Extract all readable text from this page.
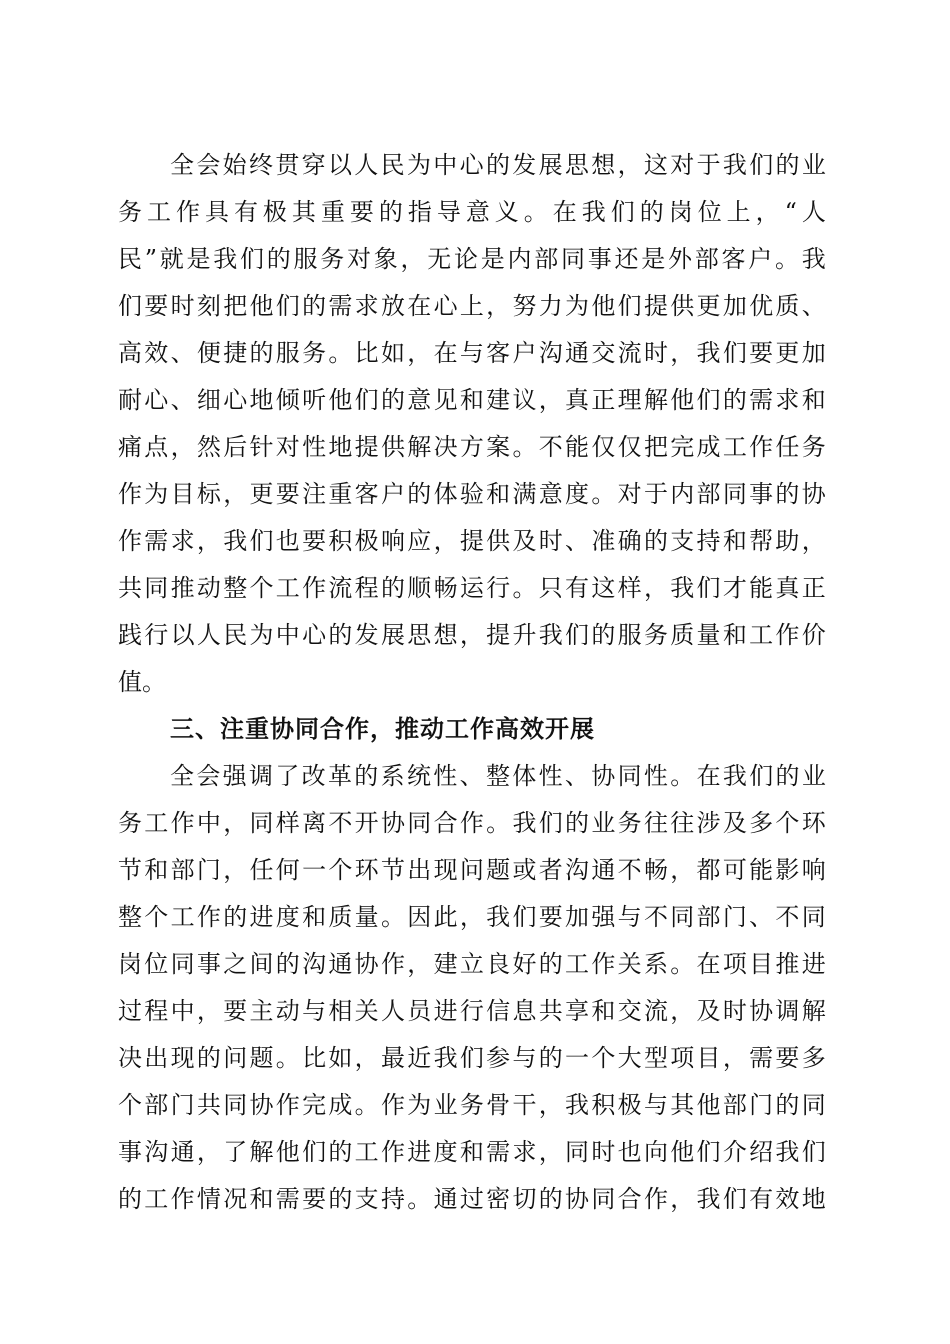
全 会 始 终 贯 穿 以 人 民 为 中 心 的 发 展 思 想 ， 这 对 于 我 们 的 业
务 工 作 具 有 极 其 重 要 的 指 导 意 义 。 在 我 们 的 岗 位 上 ， “ 人
民 ” 就 是 我 们 的 服 务 对 象 ， 无 论 是 内 部 同 事 还 是 外 部 客 户 。 我
们 要 时 刻 把 他 们 的 需 求 放 在 心 上 ， 努 力 为 他 们 提 供 更 加 优 质 、
高 效 、 便 捷 的 服 务 。 比 如 ， 在 与 客 户 沟 通 交 流 时 ， 我 们 要 更 加
耐 心 、 细 心 地 倾 听 他 们 的 意 见 和 建 议 ， 真 正 理 解 他 们 的 需 求 和
痛 点 ， 然 后 针 对 性 地 提 供 解 决 方 案 。 不 能 仅 仅 把 完 成 工 作 任 务
作 为 目 标 ， 更 要 注 重 客 户 的 体 验 和 满 意 度 。 对 于 内 部 同 事 的 协
作 需 求 ， 我 们 也 要 积 极 响 应 ， 提 供 及 时 、 准 确 的 支 持 和 帮 助 ，
共 同 推 动 整 个 工 作 流 程 的 顺 畅 运 行 。 只 有 这 样 ， 我 们 才 能 真 正
践 行 以 人 民 为 中 心 的 发 展 思 想 ， 提 升 我 们 的 服 务 质 量 和 工 作 价
值。
三、注重协同合作，推动工作高效开展
全 会 强 调 了 改 革 的 系 统 性 、 整 体 性 、 协 同 性 。 在 我 们 的 业
务 工 作 中 ， 同 样 离 不 开 协 同 合 作 。 我 们 的 业 务 往 往 涉 及 多 个 环
节 和 部 门 ， 任 何 一 个 环 节 出 现 问 题 或 者 沟 通 不 畅 ， 都 可 能 影 响
整 个 工 作 的 进 度 和 质 量 。 因 此 ， 我 们 要 加 强 与 不 同 部 门 、 不 同
岗 位 同 事 之 间 的 沟 通 协 作 ， 建 立 良 好 的 工 作 关 系 。 在 项 目 推 进
过 程 中 ， 要 主 动 与 相 关 人 员 进 行 信 息 共 享 和 交 流 ， 及 时 协 调 解
决 出 现 的 问 题 。 比 如 ， 最 近 我 们 参 与 的 一 个 大 型 项 目 ， 需 要 多
个 部 门 共 同 协 作 完 成 。 作 为 业 务 骨 干 ， 我 积 极 与 其 他 部 门 的 同
事 沟 通 ， 了 解 他 们 的 工 作 进 度 和 需 求 ， 同 时 也 向 他 们 介 绍 我 们
的 工 作 情 况 和 需 要 的 支 持 。 通 过 密 切 的 协 同 合 作 ， 我 们 有 效 地
